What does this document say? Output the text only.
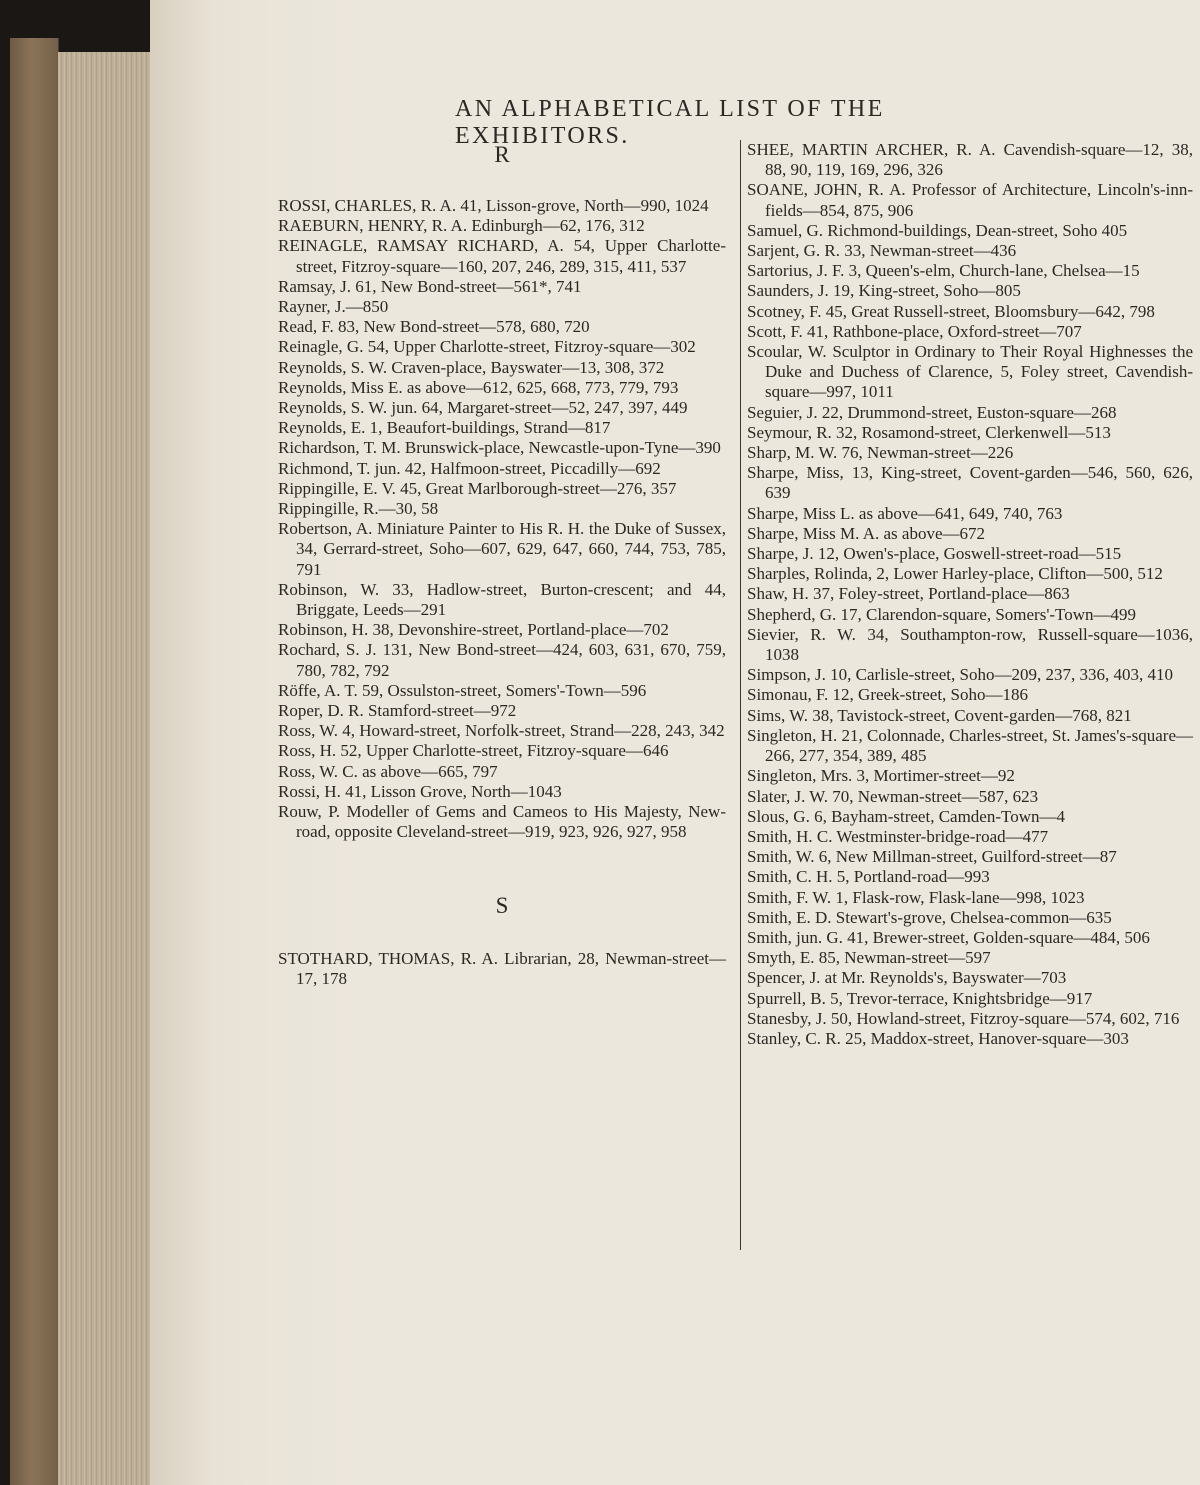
AN ALPHABETICAL LIST OF THE EXHIBITORS.

R

ROSSI, CHARLES, R. A. 41, Lisson-grove, North—990, 1024

RAEBURN, HENRY, R. A. Edinburgh—62, 176, 312

REINAGLE, RAMSAY RICHARD, A. 54, Upper Charlotte-street, Fitzroy-square—160, 207, 246, 289, 315, 411, 537

Ramsay, J. 61, New Bond-street—561*, 741

Rayner, J.—850

Read, F. 83, New Bond-street—578, 680, 720

Reinagle, G. 54, Upper Charlotte-street, Fitzroy-square—302

Reynolds, S. W. Craven-place, Bayswater—13, 308, 372

Reynolds, Miss E. as above—612, 625, 668, 773, 779, 793

Reynolds, S. W. jun. 64, Margaret-street—52, 247, 397, 449

Reynolds, E. 1, Beaufort-buildings, Strand—817

Richardson, T. M. Brunswick-place, Newcastle-upon-Tyne—390

Richmond, T. jun. 42, Halfmoon-street, Piccadilly—692

Rippingille, E. V. 45, Great Marlborough-street—276, 357

Rippingille, R.—30, 58

Robertson, A. Miniature Painter to His R. H. the Duke of Sussex, 34, Gerrard-street, Soho—607, 629, 647, 660, 744, 753, 785, 791

Robinson, W. 33, Hadlow-street, Burton-crescent; and 44, Briggate, Leeds—291

Robinson, H. 38, Devonshire-street, Portland-place—702

Rochard, S. J. 131, New Bond-street—424, 603, 631, 670, 759, 780, 782, 792

Röffe, A. T. 59, Ossulston-street, Somers'-Town—596

Roper, D. R. Stamford-street—972

Ross, W. 4, Howard-street, Norfolk-street, Strand—228, 243, 342

Ross, H. 52, Upper Charlotte-street, Fitzroy-square—646

Ross, W. C. as above—665, 797

Rossi, H. 41, Lisson Grove, North—1043

Rouw, P. Modeller of Gems and Cameos to His Majesty, New-road, opposite Cleveland-street—919, 923, 926, 927, 958

S

STOTHARD, THOMAS, R. A. Librarian, 28, Newman-street—17, 178

SHEE, MARTIN ARCHER, R. A. Cavendish-square—12, 38, 88, 90, 119, 169, 296, 326

SOANE, JOHN, R. A. Professor of Architecture, Lincoln's-inn-fields—854, 875, 906

Samuel, G. Richmond-buildings, Dean-street, Soho 405

Sarjent, G. R. 33, Newman-street—436

Sartorius, J. F. 3, Queen's-elm, Church-lane, Chelsea—15

Saunders, J. 19, King-street, Soho—805

Scotney, F. 45, Great Russell-street, Bloomsbury—642, 798

Scott, F. 41, Rathbone-place, Oxford-street—707

Scoular, W. Sculptor in Ordinary to Their Royal Highnesses the Duke and Duchess of Clarence, 5, Foley street, Cavendish-square—997, 1011

Seguier, J. 22, Drummond-street, Euston-square—268

Seymour, R. 32, Rosamond-street, Clerkenwell—513

Sharp, M. W. 76, Newman-street—226

Sharpe, Miss, 13, King-street, Covent-garden—546, 560, 626, 639

Sharpe, Miss L. as above—641, 649, 740, 763

Sharpe, Miss M. A. as above—672

Sharpe, J. 12, Owen's-place, Goswell-street-road—515

Sharples, Rolinda, 2, Lower Harley-place, Clifton—500, 512

Shaw, H. 37, Foley-street, Portland-place—863

Shepherd, G. 17, Clarendon-square, Somers'-Town—499

Sievier, R. W. 34, Southampton-row, Russell-square—1036, 1038

Simpson, J. 10, Carlisle-street, Soho—209, 237, 336, 403, 410

Simonau, F. 12, Greek-street, Soho—186

Sims, W. 38, Tavistock-street, Covent-garden—768, 821

Singleton, H. 21, Colonnade, Charles-street, St. James's-square—266, 277, 354, 389, 485

Singleton, Mrs. 3, Mortimer-street—92

Slater, J. W. 70, Newman-street—587, 623

Slous, G. 6, Bayham-street, Camden-Town—4

Smith, H. C. Westminster-bridge-road—477

Smith, W. 6, New Millman-street, Guilford-street—87

Smith, C. H. 5, Portland-road—993

Smith, F. W. 1, Flask-row, Flask-lane—998, 1023

Smith, E. D. Stewart's-grove, Chelsea-common—635

Smith, jun. G. 41, Brewer-street, Golden-square—484, 506

Smyth, E. 85, Newman-street—597

Spencer, J. at Mr. Reynolds's, Bayswater—703

Spurrell, B. 5, Trevor-terrace, Knightsbridge—917

Stanesby, J. 50, Howland-street, Fitzroy-square—574, 602, 716

Stanley, C. R. 25, Maddox-street, Hanover-square—303
